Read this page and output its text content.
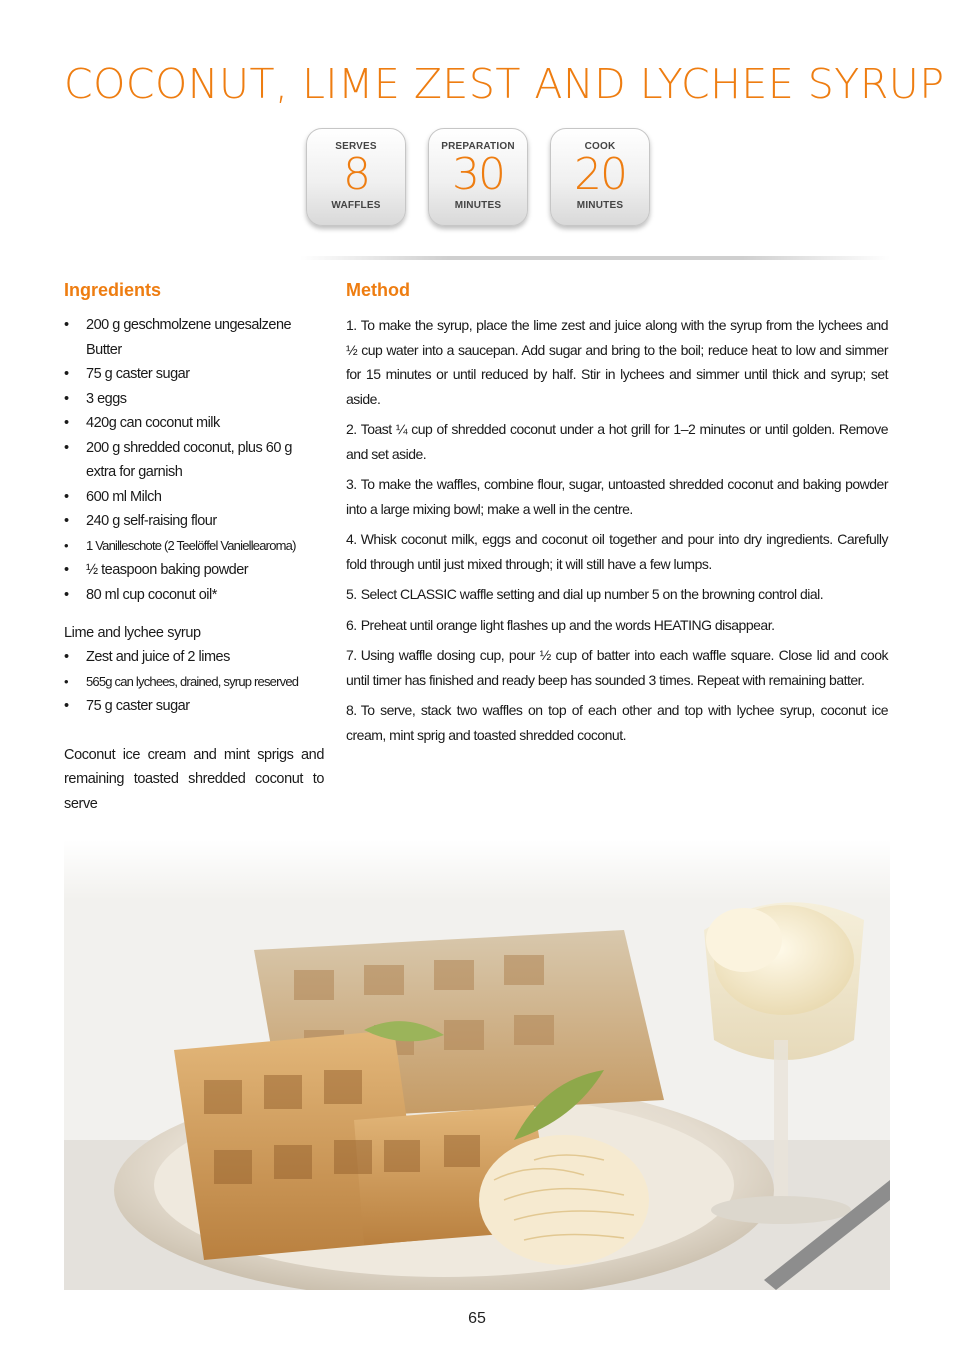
COCONUT, LIME ZEST AND LYCHEE SYRUP
SERVES
8
WAFFLES
PREPARATION
30
MINUTES
COOK
20
MINUTES
Ingredients
• 200 g geschmolzene ungesalzene Butter
• 75 g caster sugar
• 3 eggs
• 420g can coconut milk
• 200 g shredded coconut, plus 60 g extra for garnish
• 600 ml Milch
• 240 g self-raising flour
• 1 Vanilleschote (2 Teelöffel Vaniellearoma)
• ½ teaspoon baking powder
• 80 ml cup coconut oil*
Lime and lychee syrup
• Zest and juice of 2 limes
• 565g can lychees, drained, syrup reserved
• 75 g caster sugar
Coconut ice cream and mint sprigs and remaining toasted shredded coconut to serve
Method

1. To make the syrup, place the lime zest and juice along with the syrup from the lychees and ½ cup water into a saucepan. Add sugar and bring to the boil; reduce heat to low and simmer for 15 minutes or until reduced by half. Stir in lychees and simmer until thick and syrup; set aside.

2. Toast ¼ cup of shredded coconut under a hot grill for 1–2 minutes or until golden. Remove and set aside.

3. To make the waffles, combine flour, sugar, untoasted shredded coconut and baking powder into a large mixing bowl; make a well in the centre.

4. Whisk coconut milk, eggs and coconut oil together and pour into dry ingredients. Carefully fold through until just mixed through; it will still have a few lumps.

5. Select CLASSIC waffle setting and dial up number 5 on the browning control dial.

6. Preheat until orange light flashes up and the words HEATING disappear.

7. Using waffle dosing cup, pour ½ cup of batter into each waffle square. Close lid and cook until timer has finished and ready beep has sounded 3 times. Repeat with remaining batter.

8. To serve, stack two waffles on top of each other and top with lychee syrup, coconut ice cream, mint sprig and toasted shredded coconut.

65
